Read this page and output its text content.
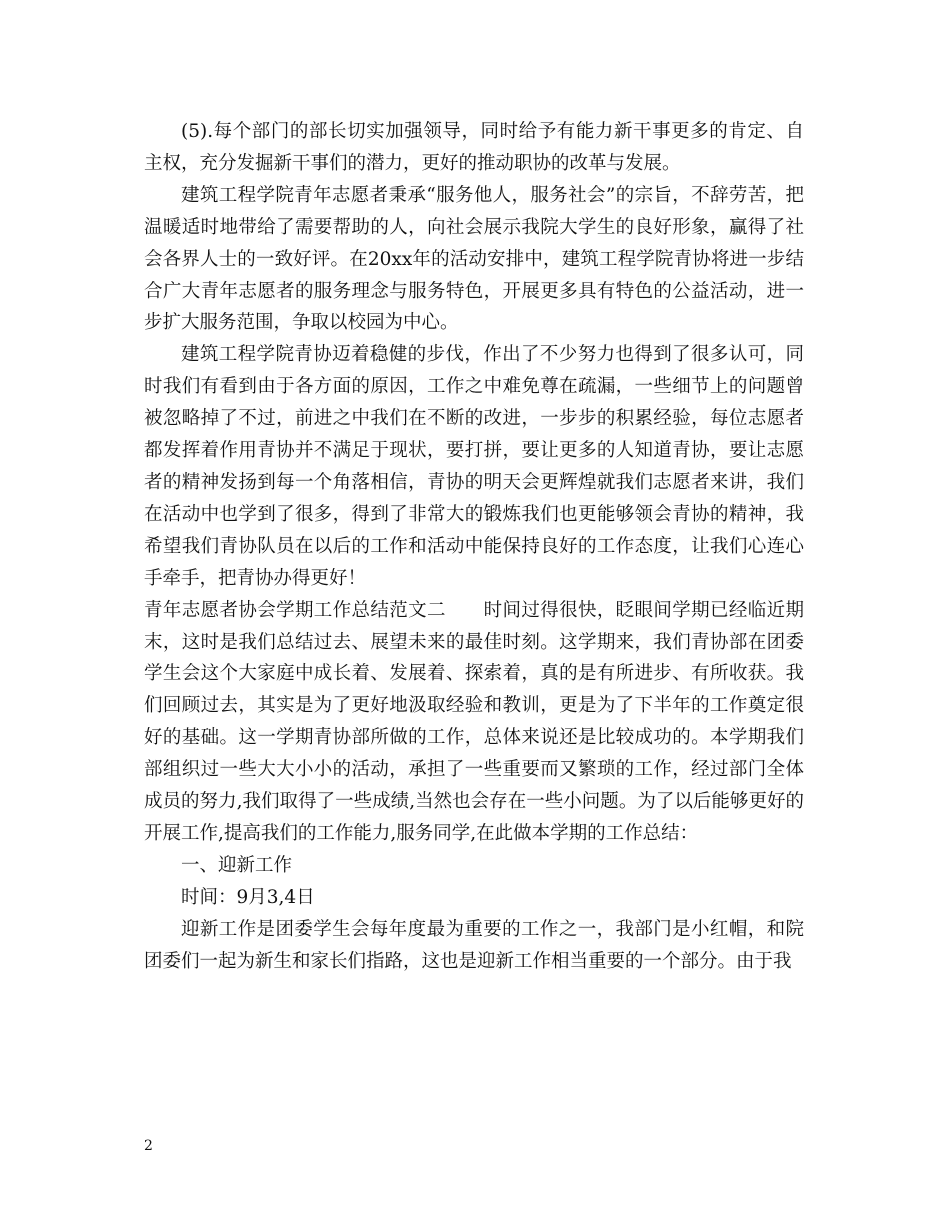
(5).每个部门的部长切实加强领导，同时给予有能力新干事更多的肯定、自主权，充分发掘新干事们的潜力，更好的推动职协的改革与发展。

建筑工程学院青年志愿者秉承“服务他人，服务社会”的宗旨，不辞劳苦，把温暖适时地带给了需要帮助的人，向社会展示我院大学生的良好形象，赢得了社会各界人士的一致好评。在20xx年的活动安排中，建筑工程学院青协将进一步结合广大青年志愿者的服务理念与服务特色，开展更多具有特色的公益活动，进一步扩大服务范围，争取以校园为中心。

建筑工程学院青协迈着稳健的步伐，作出了不少努力也得到了很多认可，同时我们有看到由于各方面的原因，工作之中难免尊在疏漏，一些细节上的问题曾被忽略掉了不过，前进之中我们在不断的改进，一步步的积累经验，每位志愿者都发挥着作用青协并不满足于现状，要打拼，要让更多的人知道青协，要让志愿者的精神发扬到每一个角落相信，青协的明天会更辉煌就我们志愿者来讲，我们在活动中也学到了很多，得到了非常大的锻炼我们也更能够领会青协的精神，我希望我们青协队员在以后的工作和活动中能保持良好的工作态度，让我们心连心手牵手，把青协办得更好！

青年志愿者协会学期工作总结范文二　　时间过得很快，眨眼间学期已经临近期末，这时是我们总结过去、展望未来的最佳时刻。这学期来，我们青协部在团委学生会这个大家庭中成长着、发展着、探索着，真的是有所进步、有所收获。我们回顾过去，其实是为了更好地汲取经验和教训，更是为了下半年的工作奠定很好的基础。这一学期青协部所做的工作，总体来说还是比较成功的。本学期我们部组织过一些大大小小的活动，承担了一些重要而又繁琐的工作，经过部门全体成员的努力,我们取得了一些成绩,当然也会存在一些小问题。为了以后能够更好的开展工作,提高我们的工作能力,服务同学,在此做本学期的工作总结：

一、迎新工作

时间：9月3,4日

迎新工作是团委学生会每年度最为重要的工作之一，我部门是小红帽，和院团委们一起为新生和家长们指路，这也是迎新工作相当重要的一个部分。由于我

2
